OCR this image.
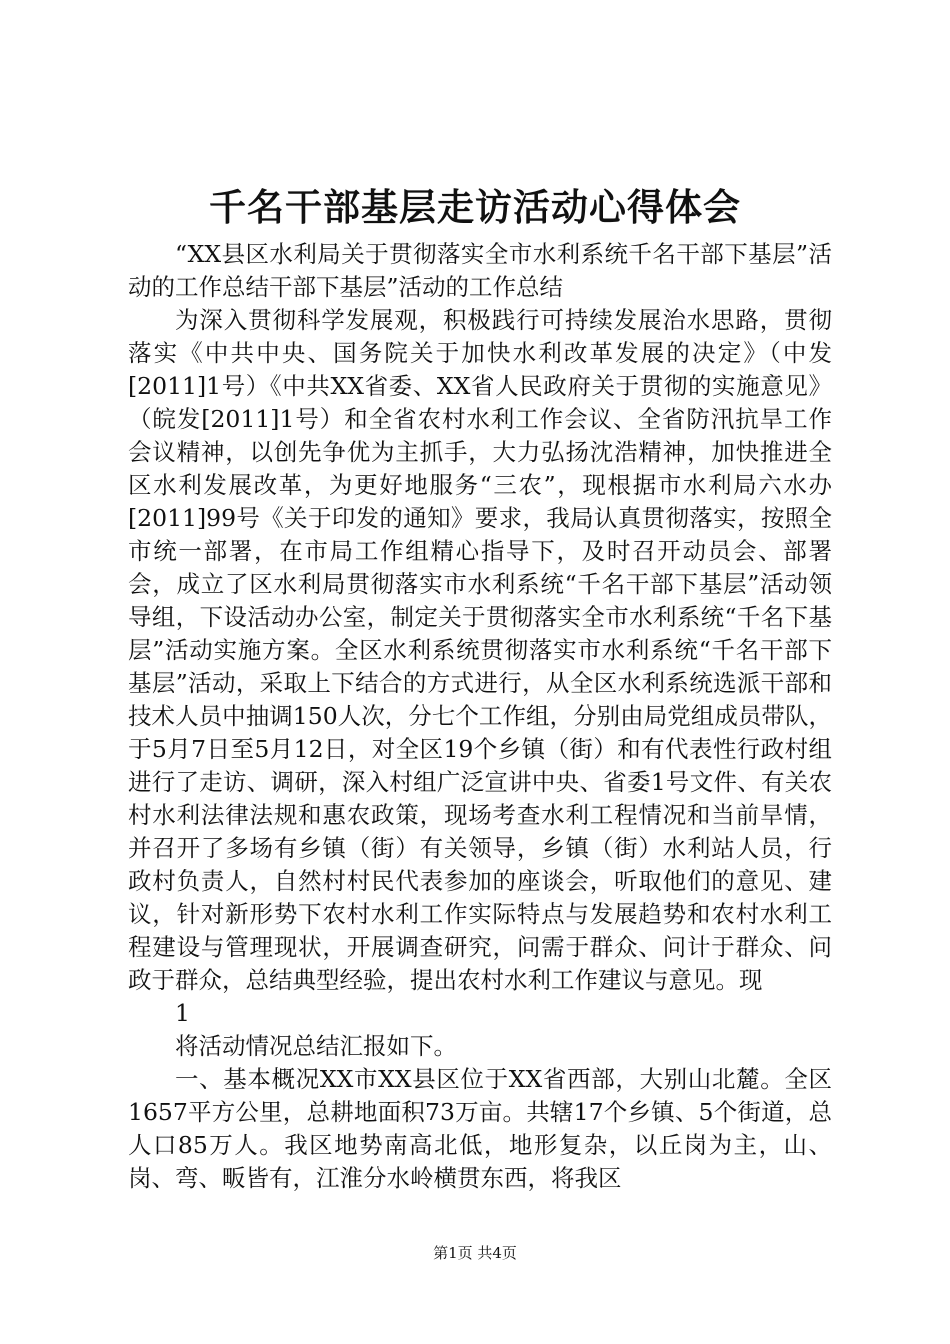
千名干部基层走访活动心得体会

“XX县区水利局关于贯彻落实全市水利系统千名干部下基层”活动的工作总结干部下基层”活动的工作总结

为深入贯彻科学发展观，积极践行可持续发展治水思路，贯彻落实《中共中央、国务院关于加快水利改革发展的决定》（中发[2011]1号）《中共XX省委、XX省人民政府关于贯彻的实施意见》（皖发[2011]1号）和全省农村水利工作会议、全省防汛抗旱工作会议精神，以创先争优为主抓手，大力弘扬沈浩精神，加快推进全区水利发展改革，为更好地服务“三农”，现根据市水利局六水办[2011]99号《关于印发的通知》要求，我局认真贯彻落实，按照全市统一部署，在市局工作组精心指导下，及时召开动员会、部署会，成立了区水利局贯彻落实市水利系统“千名干部下基层”活动领导组，下设活动办公室，制定关于贯彻落实全市水利系统“千名下基层”活动实施方案。全区水利系统贯彻落实市水利系统“千名干部下基层”活动，采取上下结合的方式进行，从全区水利系统选派干部和技术人员中抽调150人次，分七个工作组，分别由局党组成员带队，于5月7日至5月12日，对全区19个乡镇（街）和有代表性行政村组进行了走访、调研，深入村组广泛宣讲中央、省委1号文件、有关农村水利法律法规和惠农政策，现场考查水利工程情况和当前旱情，并召开了多场有乡镇（街）有关领导，乡镇（街）水利站人员，行政村负责人，自然村村民代表参加的座谈会，听取他们的意见、建议，针对新形势下农村水利工作实际特点与发展趋势和农村水利工程建设与管理现状，开展调查研究，问需于群众、问计于群众、问政于群众，总结典型经验，提出农村水利工作建议与意见。现

1

将活动情况总结汇报如下。

一、基本概况XX市XX县区位于XX省西部，大别山北麓。全区1657平方公里，总耕地面积73万亩。共辖17个乡镇、5个街道，总人口85万人。我区地势南高北低，地形复杂，以丘岗为主，山、岗、弯、畈皆有，江淮分水岭横贯东西，将我区

第1页 共4页
